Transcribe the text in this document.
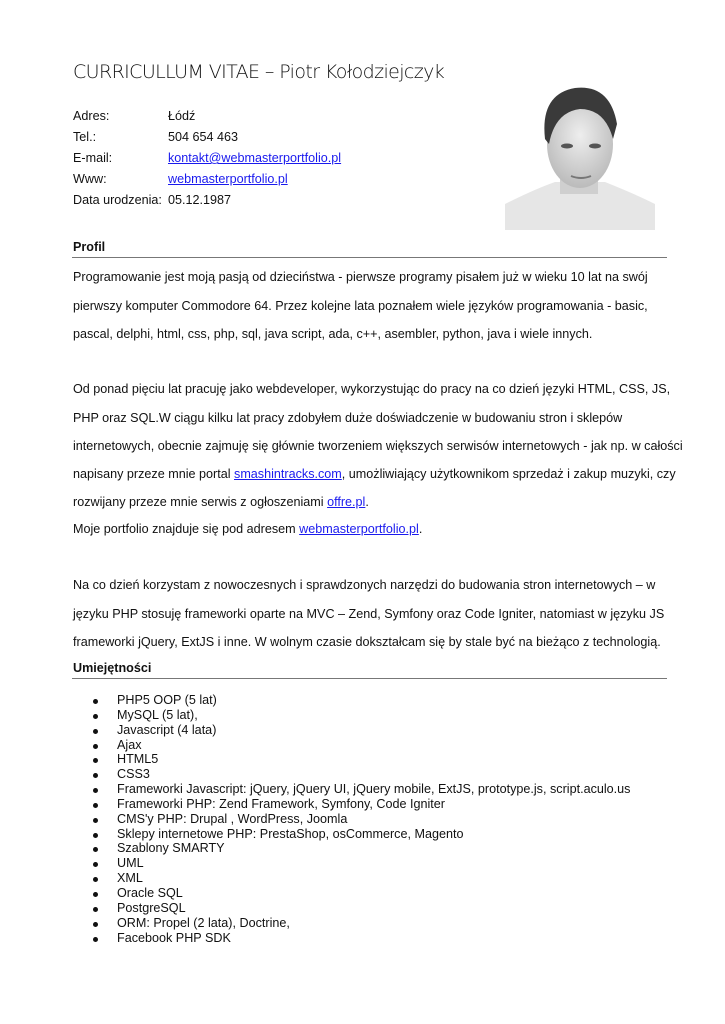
CURRICULLUM VITAE – Piotr Kołodziejczyk
Adres:	Łódź
Tel.:	504 654 463
E-mail:	kontakt@webmasterportfolio.pl
Www:	webmasterportfolio.pl
Data urodzenia: 05.12.1987
Profil
Programowanie jest moją pasją od dzieciństwa - pierwsze programy pisałem już w wieku 10 lat na swój
pierwszy komputer Commodore 64. Przez kolejne lata poznałem wiele języków programowania - basic,
pascal, delphi, html, css, php, sql, java script, ada, c++, asembler, python, java i wiele innych.
Od ponad pięciu lat pracuję jako webdeveloper, wykorzystując do pracy na co dzień języki HTML, CSS, JS,
PHP oraz SQL.W ciągu kilku lat pracy zdobyłem duże doświadczenie w budowaniu stron i sklepów
internetowych, obecnie zajmuję się głównie tworzeniem większych serwisów internetowych - jak np. w całości
napisany przeze mnie portal smashintracks.com, umożliwiający użytkownikom sprzedaż i zakup muzyki, czy
rozwijany przeze mnie serwis z ogłoszeniami offre.pl.
Moje portfolio znajduje się pod adresem webmasterportfolio.pl.
Na co dzień korzystam z nowoczesnych i sprawdzonych narzędzi do budowania stron internetowych – w
języku PHP stosuję frameworki oparte na MVC – Zend, Symfony oraz Code Igniter, natomiast w języku JS
frameworki jQuery, ExtJS i inne. W wolnym czasie dokształcam się by stale być na bieżąco z technologią.
Umiejętności
PHP5 OOP (5 lat)
MySQL (5 lat),
Javascript (4 lata)
Ajax
HTML5
CSS3
Frameworki Javascript: jQuery, jQuery UI, jQuery mobile, ExtJS, prototype.js, script.aculo.us
Frameworki PHP: Zend Framework, Symfony, Code Igniter
CMS'y PHP: Drupal , WordPress, Joomla
Sklepy internetowe PHP: PrestaShop, osCommerce, Magento
Szablony SMARTY
UML
XML
Oracle SQL
PostgreSQL
ORM: Propel (2 lata), Doctrine,
Facebook PHP SDK
